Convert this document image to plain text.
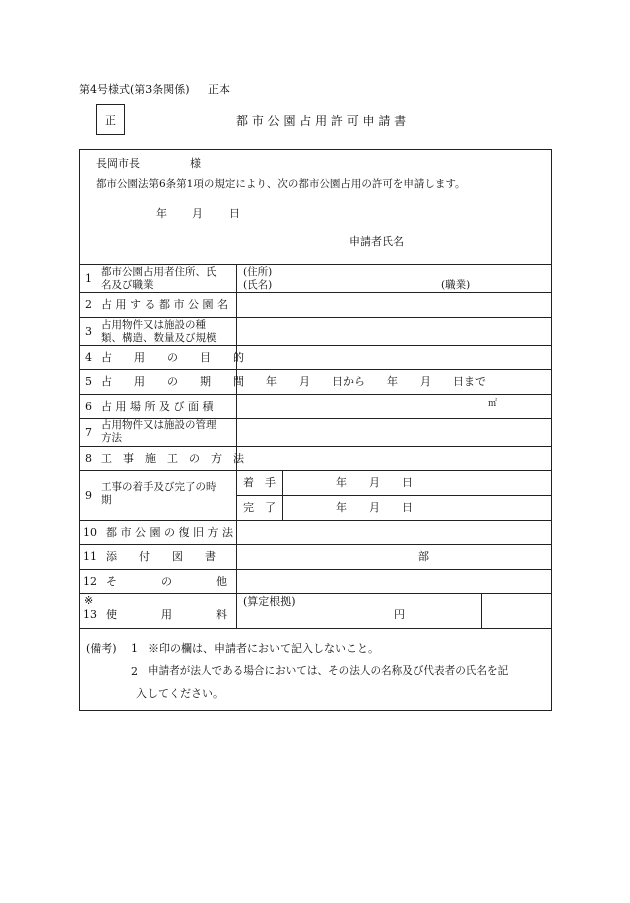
第4号様式(第3条関係) 正本
正	都 市 公 園 占 用 許 可 申 請 書
長岡市長	様
都市公園法第6条第1項の規定により、次の都市公園占用の許可を申請します。
年 月 日
申請者氏名
1 都市公園占用者住所、氏
名及び職業
(住所)
(氏名)	(職業)
2 占 用 す る 都 市 公 園 名
3 占用物件又は施設の種
類、構造、数量及び規模
4 占　　用　　の　　目　　的
5 占　　用　　の　　期　　間 年　　月　　日から　　年　　月　　日まで
6 占 用 場 所 及 び 面 積	㎡
7
占用物件又は施設の管理
方法
8 工　事　施　工　の　方　法
9
工事の着手及び完了の時
期
着　手	年　　月　　日
完　了	年　　月　　日
10 都 市 公 園 の 復 旧 方 法
11 添　　付　　図　　書	部
12 そ　　　　の　　　　他
※
13 使　　　　用　　　　料
(算定根拠)
円
(備考) 1 ※印の欄は、申請者において記入しないこと。
2 申請者が法人である場合においては、その法人の名称及び代表者の氏名を記
入してください。
